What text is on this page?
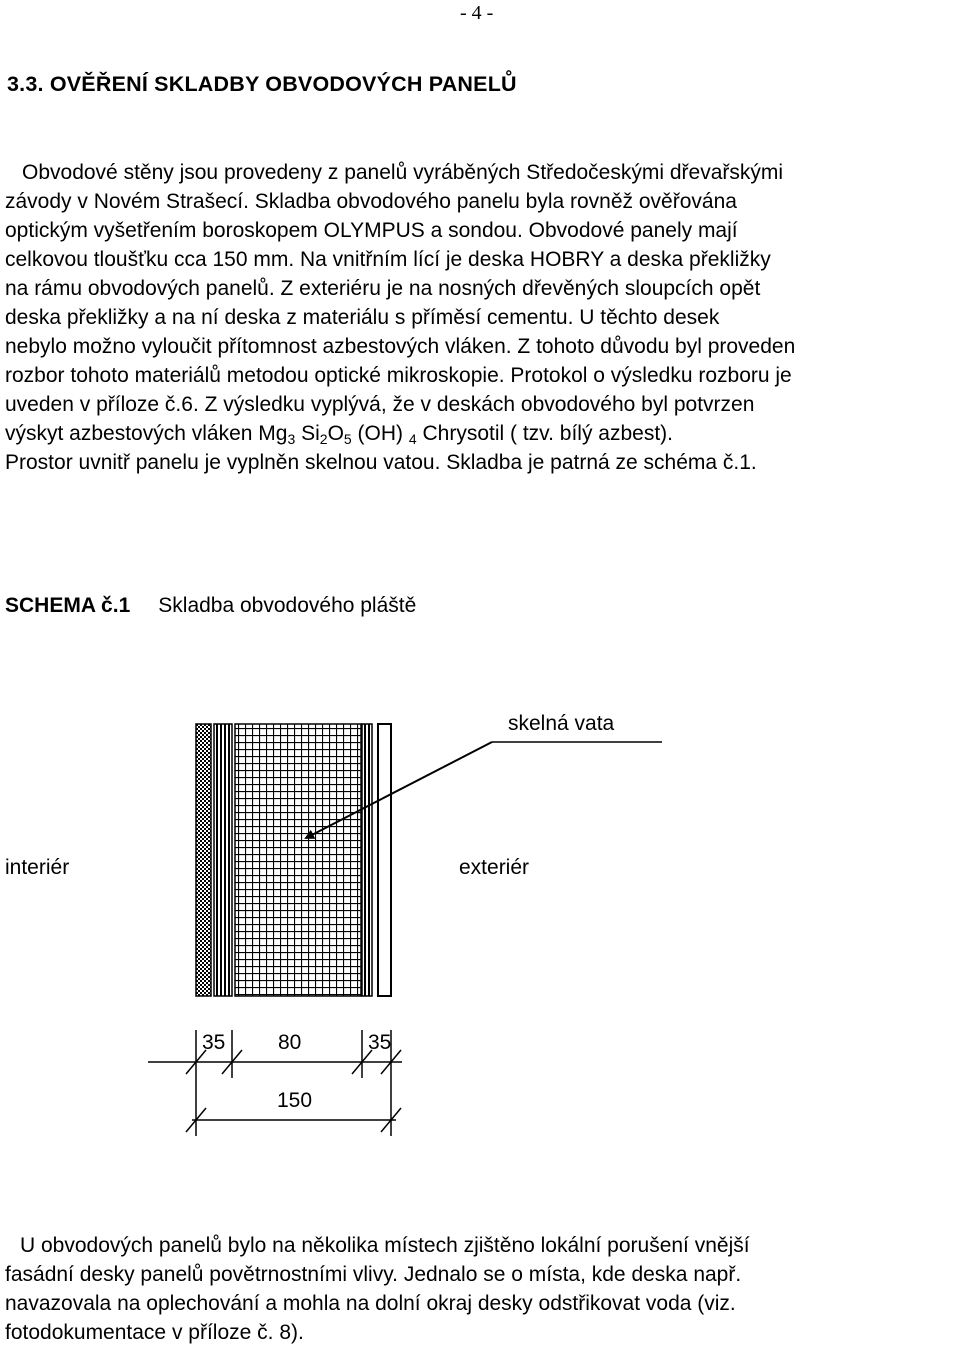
- 4 -
3.3. OVĚŘENÍ SKLADBY OBVODOVÝCH PANELŮ

Obvodové stěny jsou provedeny z panelů vyráběných Středočeskými dřevařskými
závody v Novém Strašecí. Skladba obvodového panelu byla rovněž ověřována
optickým vyšetřením boroskopem OLYMPUS a sondou. Obvodové panely mají
celkovou tloušťku cca 150 mm. Na vnitřním lící je deska HOBRY a deska překližky
na rámu obvodových panelů. Z exteriéru je na nosných dřevěných sloupcích opět
deska překližky a na ní deska z materiálu s příměsí cementu. U těchto desek
nebylo možno vyloučit přítomnost azbestových vláken. Z tohoto důvodu byl proveden
rozbor tohoto materiálů metodou optické mikroskopie. Protokol o výsledku rozboru je
uveden v příloze č.6. Z výsledku vyplývá, že v deskách obvodového byl potvrzen
výskyt azbestových vláken $Mg_3$ $Si_2O_5$ (OH) $_4$ Chrysotil ( tzv. bílý azbest).
Prostor uvnitř panelu je vyplněn skelnou vatou. Skladba je patrná ze schéma č.1.

SCHEMA č.1 Skladba obvodového pláště
skelná vata
interiér	exteriér
35	80	35
150

U obvodových panelů bylo na několika místech zjištěno lokální porušení vnější
fasádní desky panelů povětrnostními vlivy. Jednalo se o místa, kde deska např.
navazovala na oplechování a mohla na dolní okraj desky odstřikovat voda (viz.
fotodokumentace v příloze č. 8).
